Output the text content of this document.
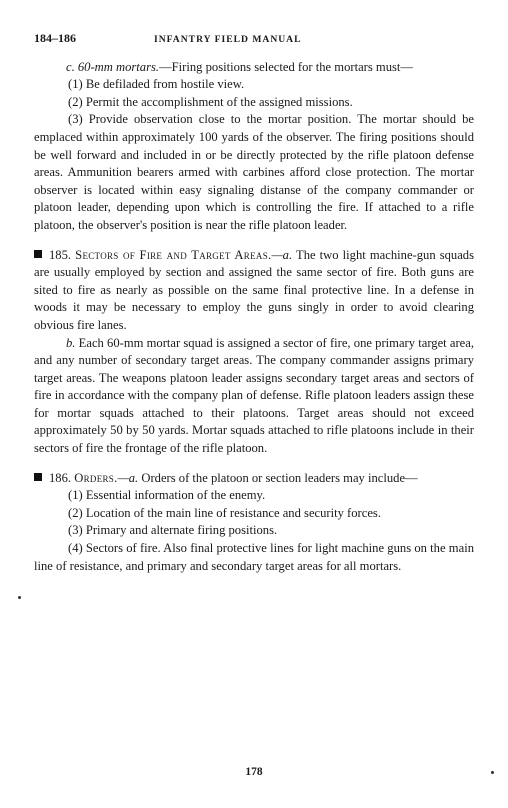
184–186	INFANTRY FIELD MANUAL

c. 60-mm mortars.—Firing positions selected for the mortars must—

(1) Be defiladed from hostile view.

(2) Permit the accomplishment of the assigned missions.

(3) Provide observation close to the mortar position. The mortar should be emplaced within approximately 100 yards of the observer. The firing positions should be well forward and included in or be directly protected by the rifle platoon defense areas. Ammunition bearers armed with carbines afford close protection. The mortar observer is located within easy signaling distanse of the company commander or platoon leader, depending upon which is controlling the fire. If attached to a rifle platoon, the observer's position is near the rifle platoon leader.

185. Sectors of Fire and Target Areas.—a. The two light machine-gun squads are usually employed by section and assigned the same sector of fire. Both guns are sited to fire as nearly as possible on the same final protective line. In a defense in woods it may be necessary to employ the guns singly in order to avoid clearing obvious fire lanes.

b. Each 60-mm mortar squad is assigned a sector of fire, one primary target area, and any number of secondary target areas. The company commander assigns primary target areas. The weapons platoon leader assigns secondary target areas and sectors of fire in accordance with the company plan of defense. Rifle platoon leaders assign these for mortar squads attached to their platoons. Target areas should not exceed approximately 50 by 50 yards. Mortar squads attached to rifle platoons include in their sectors of fire the frontage of the rifle platoon.

186. Orders.—a. Orders of the platoon or section leaders may include—

(1) Essential information of the enemy.

(2) Location of the main line of resistance and security forces.

(3) Primary and alternate firing positions.

(4) Sectors of fire. Also final protective lines for light machine guns on the main line of resistance, and primary and secondary target areas for all mortars.

178
